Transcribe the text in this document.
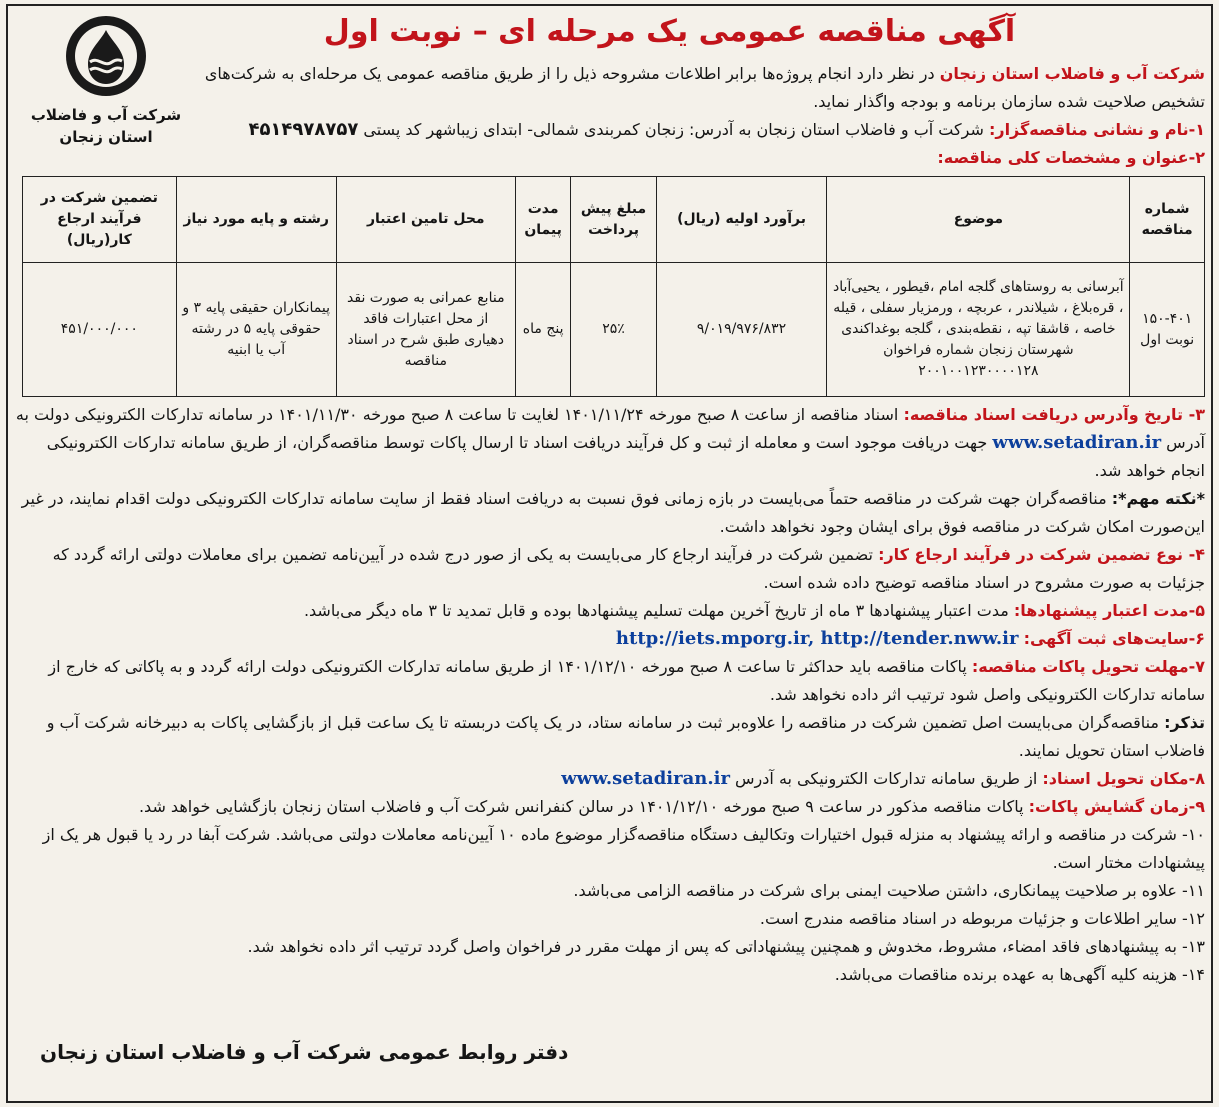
شرکت آب و فاضلاب
استان زنجان
آگهی مناقصه عمومی یک مرحله ای – نوبت اول
شرکت آب و فاضلاب استان زنجان در نظر دارد انجام پروژه‌ها برابر اطلاعات مشروحه ذیل را از طریق مناقصه عمومی یک مرحله‌ای به شرکت‌های تشخیص صلاحیت شده سازمان برنامه و بودجه واگذار نماید.
۱-نام و نشانی مناقصه‌گزار: شرکت آب و فاضلاب استان زنجان به آدرس: زنجان کمربندی شمالی- ابتدای زیباشهر کد پستی ۴۵۱۴۹۷۸۷۵۷
۲-عنوان و مشخصات کلی مناقصه:
شماره مناقصه	موضوع	برآورد اولیه (ریال)	مبلغ پیش پرداخت	مدت پیمان	محل تامین اعتبار	رشته و پایه مورد نیاز	تضمین شرکت در فرآیند ارجاع کار(ریال)
۱۵۰-۴۰۱ نوبت اول	آبرسانی به روستاهای گلجه امام ،قیطور ، یحیی‌آباد ، قره‌بلاغ ، شیلاندر ، عربچه ، ورمزیار سفلی ، قیله خاصه ، قاشقا تپه ، نقطه‌بندی ، گلجه بوغداکندی شهرستان زنجان شماره فراخوان ۲۰۰۱۰۰۱۲۳۰۰۰۰۱۲۸	۹/۰۱۹/۹۷۶/۸۳۲	۲۵٪	پنج ماه	منابع عمرانی به صورت نقد از محل اعتبارات فاقد دهیاری طبق شرح در اسناد مناقصه	پیمانکاران حقیقی پایه ۳ و حقوقی پایه ۵ در رشته آب یا ابنیه	۴۵۱/۰۰۰/۰۰۰
۳- تاریخ وآدرس دریافت اسناد مناقصه: اسناد مناقصه از ساعت ۸ صبح مورخه ۱۴۰۱/۱۱/۲۴ لغایت تا ساعت ۸ صبح مورخه ۱۴۰۱/۱۱/۳۰ در سامانه تدارکات الکترونیکی دولت به آدرس www.setadiran.ir جهت دریافت موجود است و معامله از ثبت و کل فرآیند دریافت اسناد تا ارسال پاکات توسط مناقصه‌گران، از طریق سامانه تدارکات الکترونیکی انجام خواهد شد.
*نکته مهم*: مناقصه‌گران جهت شرکت در مناقصه حتماً می‌بایست در بازه زمانی فوق نسبت به دریافت اسناد فقط از سایت سامانه تدارکات الکترونیکی دولت اقدام نمایند، در غیر این‌صورت امکان شرکت در مناقصه فوق برای ایشان وجود نخواهد داشت.
۴- نوع تضمین شرکت در فرآیند ارجاع کار: تضمین شرکت در فرآیند ارجاع کار می‌بایست به یکی از صور درج شده در آیین‌نامه تضمین برای معاملات دولتی ارائه گردد که جزئیات به صورت مشروح در اسناد مناقصه توضیح داده شده است.
۵-مدت اعتبار پیشنهادها: مدت اعتبار پیشنهادها ۳ ماه از تاریخ آخرین مهلت تسلیم پیشنهادها بوده و قابل تمدید تا ۳ ماه دیگر می‌باشد.
۶-سایت‌های ثبت آگهی: http://iets.mporg.ir, http://tender.nww.ir
۷-مهلت تحویل پاکات مناقصه: پاکات مناقصه باید حداکثر تا ساعت ۸ صبح مورخه ۱۴۰۱/۱۲/۱۰ از طریق سامانه تدارکات الکترونیکی دولت ارائه گردد و به پاکاتی که خارج از سامانه تدارکات الکترونیکی واصل شود ترتیب اثر داده نخواهد شد.
تذکر: مناقصه‌گران می‌بایست اصل تضمین شرکت در مناقصه را علاوه‌بر ثبت در سامانه ستاد، در یک پاکت دربسته تا یک ساعت قبل از بازگشایی پاکات به دبیرخانه شرکت آب و فاضلاب استان تحویل نمایند.
۸-مکان تحویل اسناد: از طریق سامانه تدارکات الکترونیکی به آدرس www.setadiran.ir
۹-زمان گشایش پاکات: پاکات مناقصه مذکور در ساعت ۹ صبح مورخه ۱۴۰۱/۱۲/۱۰ در سالن کنفرانس شرکت آب و فاضلاب استان زنجان بازگشایی خواهد شد.
۱۰- شرکت در مناقصه و ارائه پیشنهاد به منزله قبول اختیارات وتکالیف دستگاه مناقصه‌گزار موضوع ماده ۱۰ آیین‌نامه معاملات دولتی می‌باشد. شرکت آبفا در رد یا قبول هر یک از پیشنهادات مختار است.
۱۱- علاوه بر صلاحیت پیمانکاری، داشتن صلاحیت ایمنی برای شرکت در مناقصه الزامی می‌باشد.
۱۲- سایر اطلاعات و جزئیات مربوطه در اسناد مناقصه مندرج است.
۱۳- به پیشنهادهای فاقد امضاء، مشروط، مخدوش و همچنین پیشنهاداتی که پس از مهلت مقرر در فراخوان واصل گردد ترتیب اثر داده نخواهد شد.
۱۴- هزینه کلیه آگهی‌ها به عهده برنده مناقصات می‌باشد.
دفتر روابط عمومی شرکت آب و فاضلاب استان زنجان
